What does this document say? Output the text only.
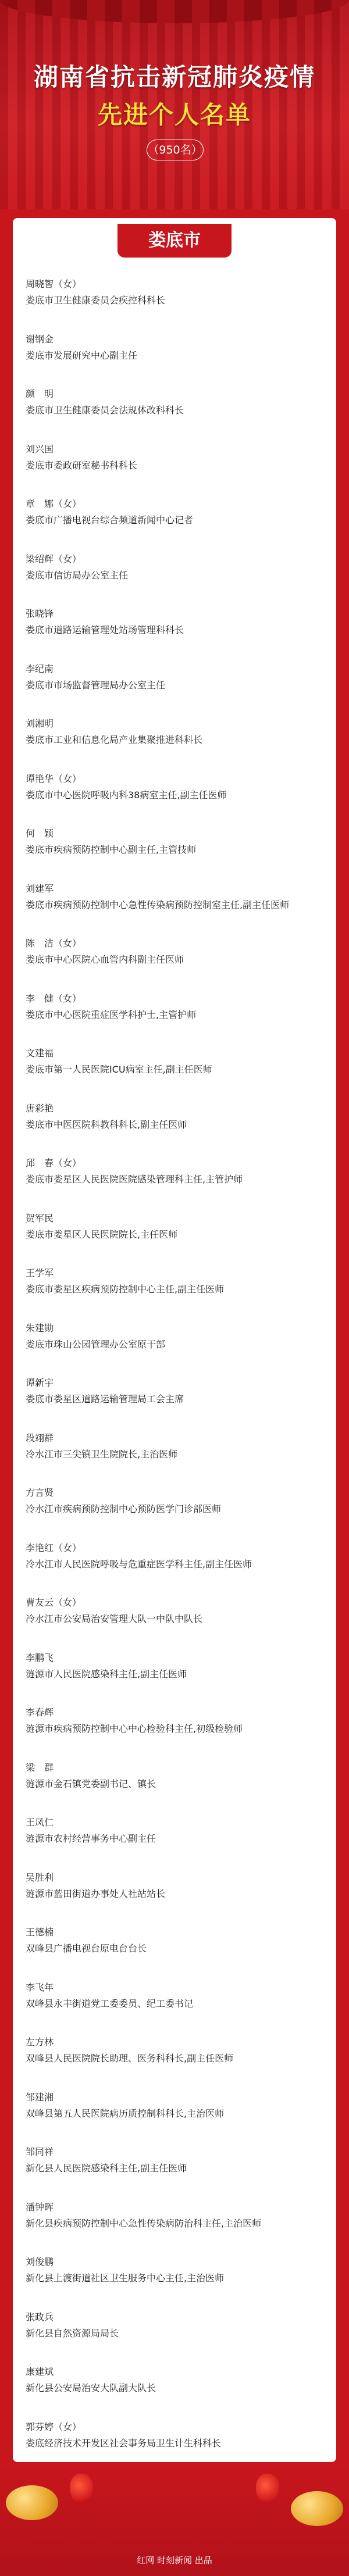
湖南省抗击新冠肺炎疫情
先进个人名单
（950名）
娄底市
周晓智（女）
娄底市卫生健康委员会疾控科科长
谢钢金
娄底市发展研究中心副主任
颜　明
娄底市卫生健康委员会法规体改科科长
刘兴国
娄底市委政研室秘书科科长
章　娜（女）
娄底市广播电视台综合频道新闻中心记者
梁绍辉（女）
娄底市信访局办公室主任
张晓锋
娄底市道路运输管理处站场管理科科长
李纪南
娄底市市场监督管理局办公室主任
刘湘明
娄底市工业和信息化局产业集聚推进科科长
谭艳华（女）
娄底市中心医院呼吸内科38病室主任,副主任医师
何　颖
娄底市疾病预防控制中心副主任,主管技师
刘建军
娄底市疾病预防控制中心急性传染病预防控制室主任,副主任医师
陈　洁（女）
娄底市中心医院心血管内科副主任医师
李　健（女）
娄底市中心医院重症医学科护士,主管护师
文建福
娄底市第一人民医院ICU病室主任,副主任医师
唐彩艳
娄底市中医医院科教科科长,副主任医师
邱　春（女）
娄底市娄星区人民医院医院感染管理科主任,主管护师
贺军民
娄底市娄星区人民医院院长,主任医师
王学军
娄底市娄星区疾病预防控制中心主任,副主任医师
朱建勋
娄底市珠山公园管理办公室原干部
谭新宇
娄底市娄星区道路运输管理局工会主席
段翊群
冷水江市三尖镇卫生院院长,主治医师
方言贤
冷水江市疾病预防控制中心预防医学门诊部医师
李艳红（女）
冷水江市人民医院呼吸与危重症医学科主任,副主任医师
曹友云（女）
冷水江市公安局治安管理大队一中队中队长
李鹏飞
涟源市人民医院感染科主任,副主任医师
李春辉
涟源市疾病预防控制中心中心检验科主任,初级检验师
梁　群
涟源市金石镇党委副书记、镇长
王凤仁
涟源市农村经营事务中心副主任
吴胜利
涟源市蓝田街道办事处人社站站长
王德楠
双峰县广播电视台原电台台长
李飞年
双峰县永丰街道党工委委员、纪工委书记
左方林
双峰县人民医院院长助理、医务科科长,副主任医师
邹建湘
双峰县第五人民医院病历质控制科科长,主治医师
邹同祥
新化县人民医院感染科主任,副主任医师
潘钟晖
新化县疾病预防控制中心急性传染病防治科主任,主治医师
刘俊鹏
新化县上渡街道社区卫生服务中心主任,主治医师
张政兵
新化县自然资源局局长
康建斌
新化县公安局治安大队副大队长
郭芬婷（女）
娄底经济技术开发区社会事务局卫生计生科科长
红网 时刻新闻 出品
